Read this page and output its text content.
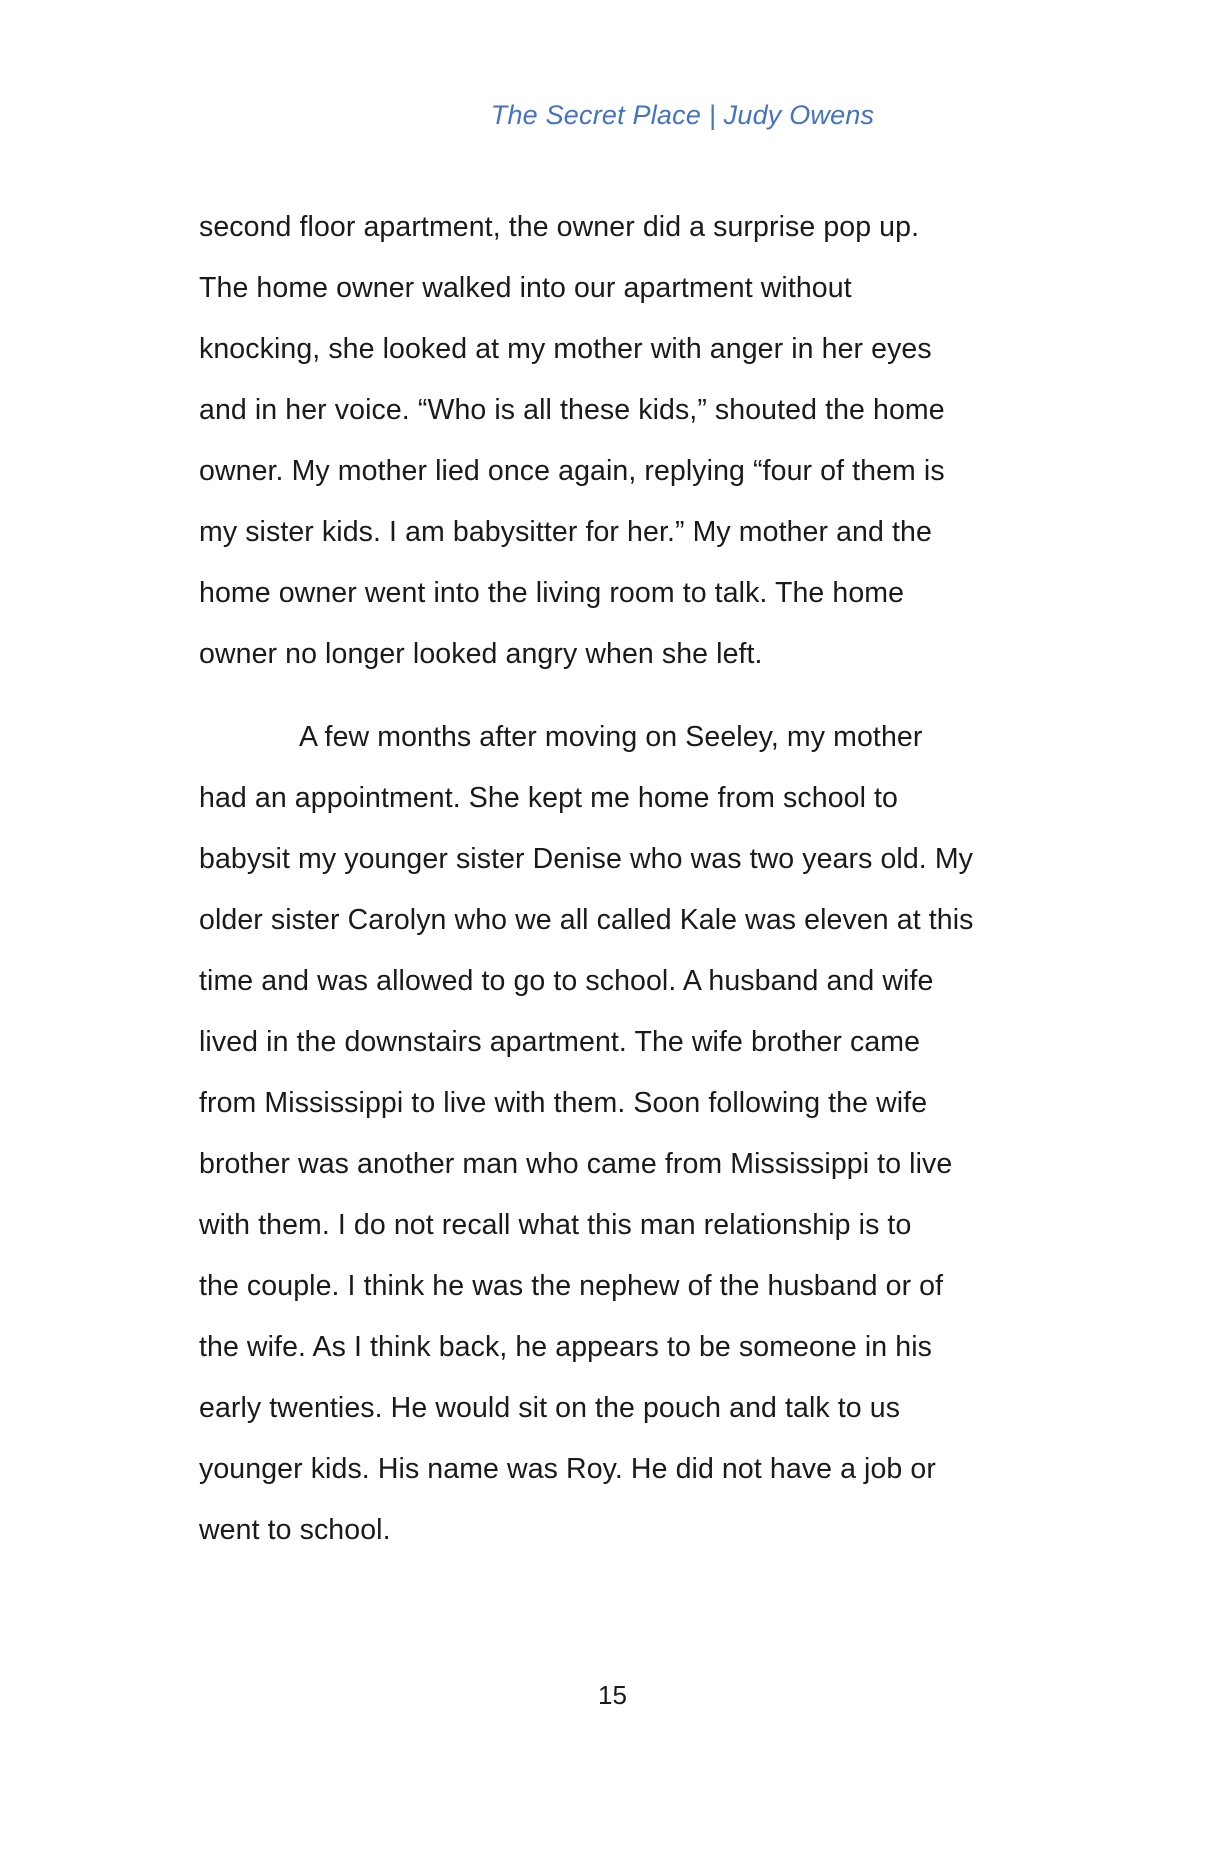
The Secret Place | Judy Owens

second floor apartment, the owner did a surprise pop up.
The home owner walked into our apartment without
knocking, she looked at my mother with anger in her eyes
and in her voice. “Who is all these kids,” shouted the home
owner. My mother lied once again, replying “four of them is
my sister kids. I am babysitter for her.” My mother and the
home owner went into the living room to talk. The home
owner no longer looked angry when she left.

A few months after moving on Seeley, my mother
had an appointment. She kept me home from school to
babysit my younger sister Denise who was two years old. My
older sister Carolyn who we all called Kale was eleven at this
time and was allowed to go to school. A husband and wife
lived in the downstairs apartment. The wife brother came
from Mississippi to live with them. Soon following the wife
brother was another man who came from Mississippi to live
with them. I do not recall what this man relationship is to
the couple. I think he was the nephew of the husband or of
the wife. As I think back, he appears to be someone in his
early twenties. He would sit on the pouch and talk to us
younger kids. His name was Roy. He did not have a job or
went to school.

15
